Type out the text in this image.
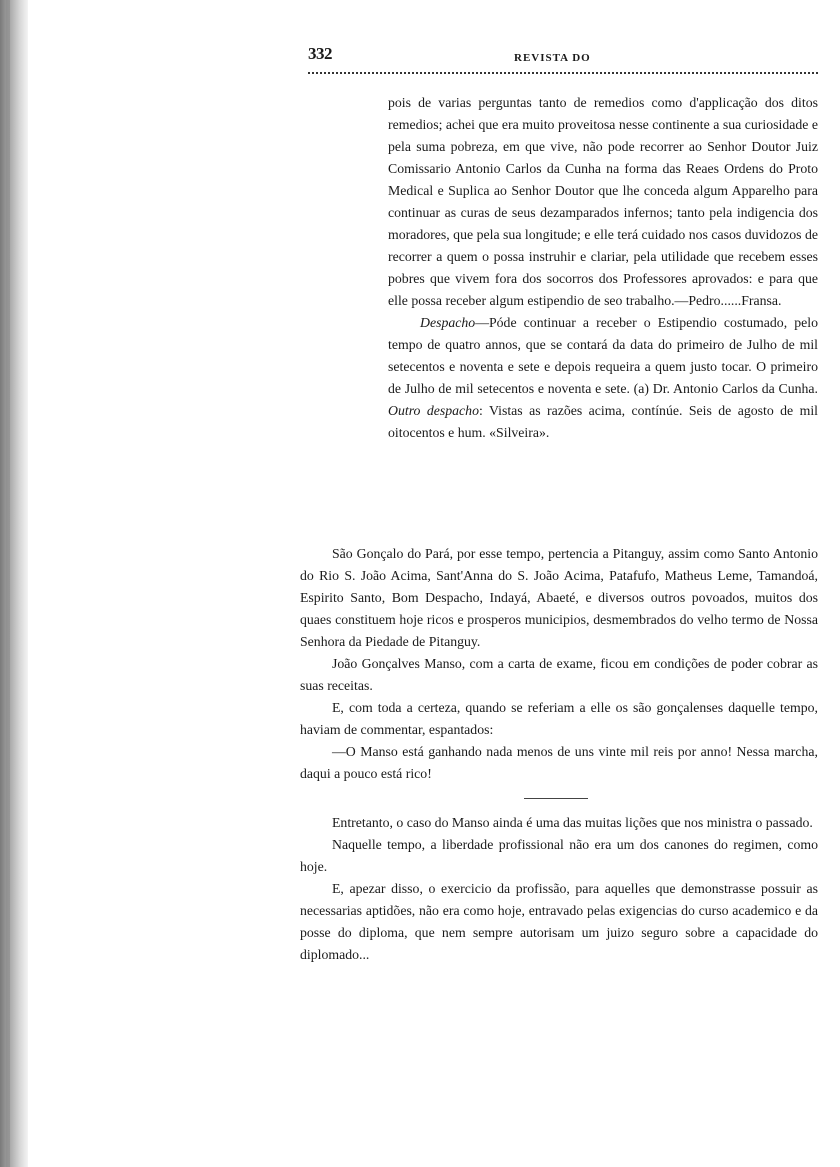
332	REVISTA DO

pois de varias perguntas tanto de remedios como d'applicação dos ditos remedios; achei que era muito proveitosa nesse continente a sua curiosidade e pela suma pobreza, em que vive, não pode recorrer ao Senhor Doutor Juiz Comissario Antonio Carlos da Cunha na forma das Reaes Ordens do Proto Medical e Suplica ao Senhor Doutor que lhe conceda algum Apparelho para continuar as curas de seus dezamparados infernos; tanto pela indigencia dos moradores, que pela sua longitude; e elle terá cuidado nos casos duvidozos de recorrer a quem o possa instruhir e clariar, pela utilidade que recebem esses pobres que vivem fora dos socorros dos Professores aprovados: e para que elle possa receber algum estipendio de seo trabalho.—Pedro......Fransa.

Despacho—Póde continuar a receber o Estipendio costumado, pelo tempo de quatro annos, que se contará da data do primeiro de Julho de mil setecentos e noventa e sete e depois requeira a quem justo tocar. O primeiro de Julho de mil setecentos e noventa e sete. (a) Dr. Antonio Carlos da Cunha. Outro despacho: Vistas as razões acima, contínúe. Seis de agosto de mil oitocentos e hum. «Silveira».

São Gonçalo do Pará, por esse tempo, pertencia a Pitanguy, assim como Santo Antonio do Rio S. João Acima, Sant'Anna do S. João Acima, Patafufo, Matheus Leme, Tamandoá, Espirito Santo, Bom Despacho, Indayá, Abaeté, e diversos outros povoados, muitos dos quaes constituem hoje ricos e prosperos municipios, desmembrados do velho termo de Nossa Senhora da Piedade de Pitanguy.

João Gonçalves Manso, com a carta de exame, ficou em condições de poder cobrar as suas receitas.

E, com toda a certeza, quando se referiam a elle os são gonçalenses daquelle tempo, haviam de commentar, espantados:

—O Manso está ganhando nada menos de uns vinte mil reis por anno! Nessa marcha, daqui a pouco está rico!

Entretanto, o caso do Manso ainda é uma das muitas lições que nos ministra o passado.

Naquelle tempo, a liberdade profissional não era um dos canones do regimen, como hoje.

E, apezar disso, o exercicio da profissão, para aquelles que demonstrasse possuir as necessarias aptidões, não era como hoje, entravado pelas exigencias do curso academico e da posse do diploma, que nem sempre autorisam um juizo seguro sobre a capacidade do diplomado...
